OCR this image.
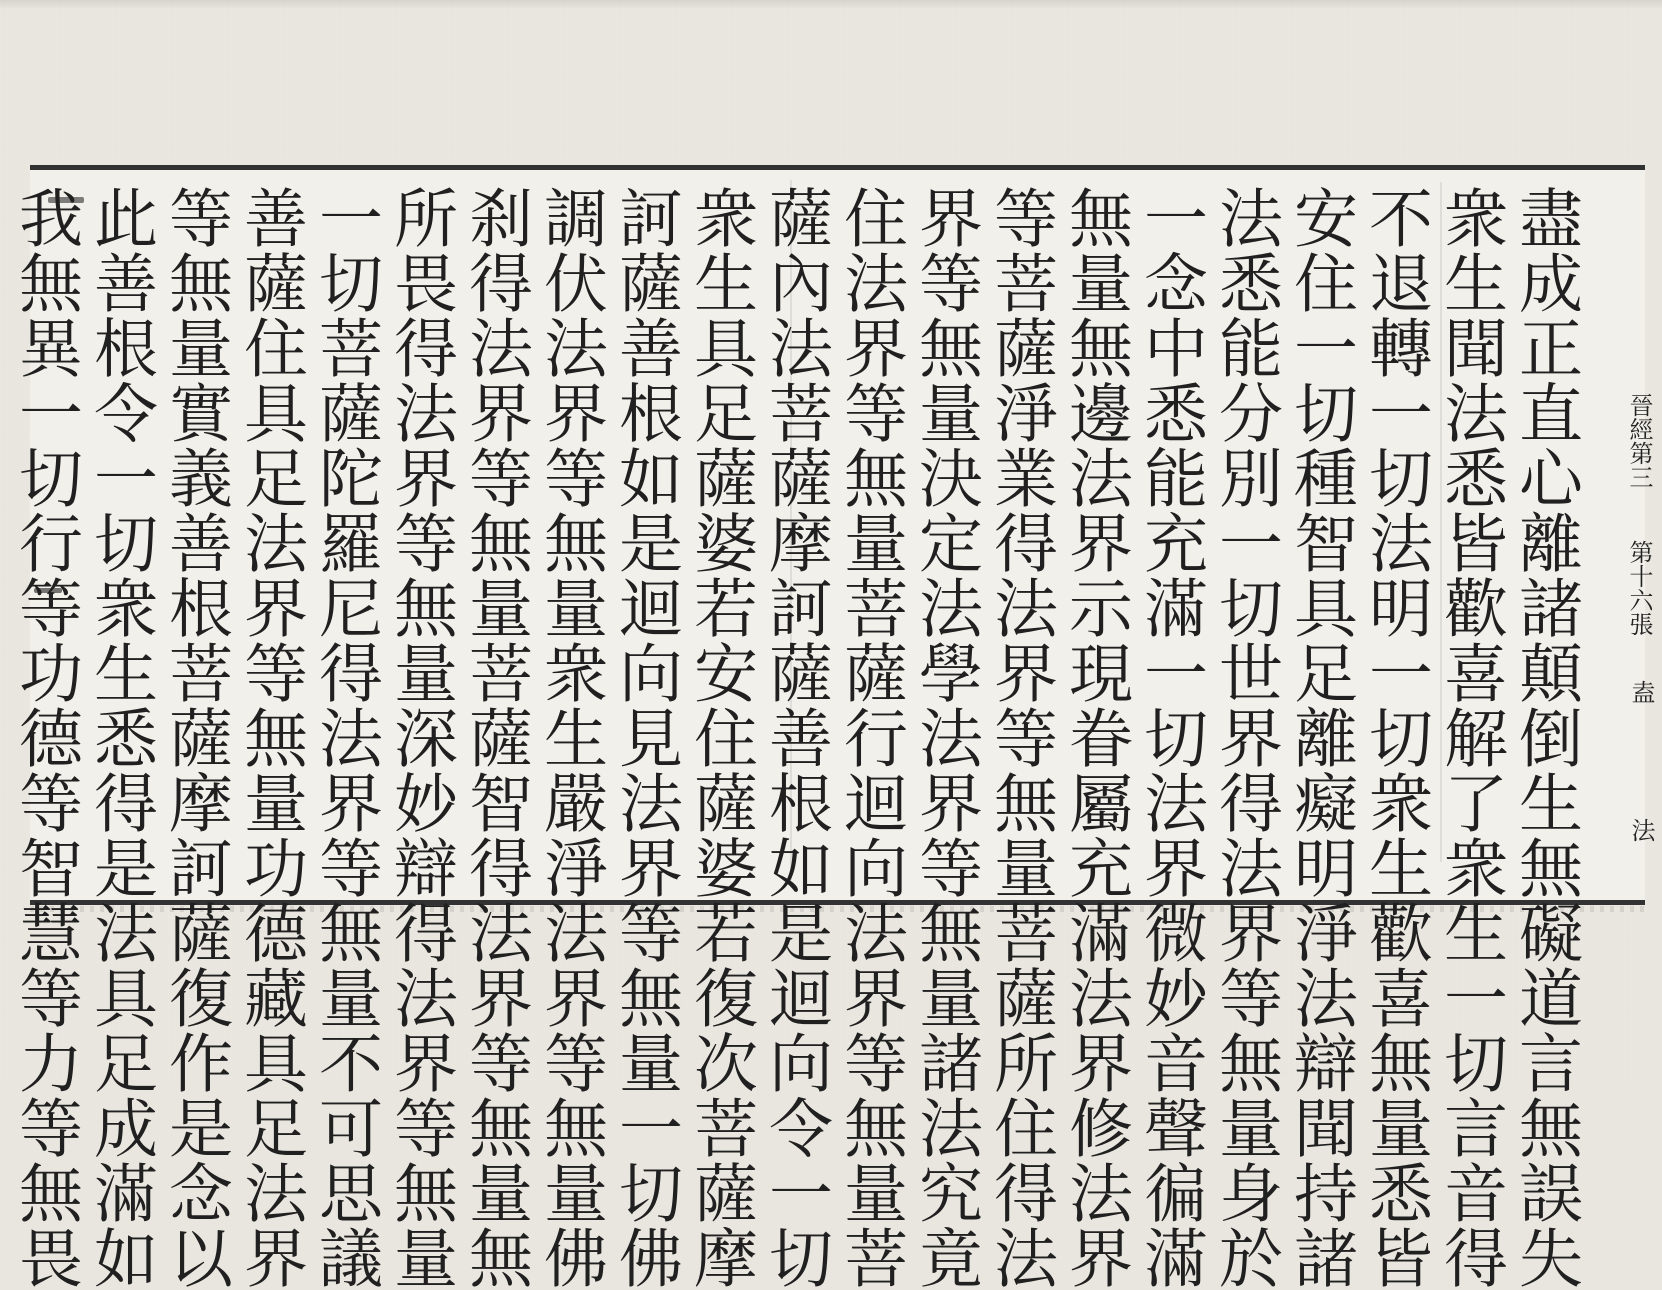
盡成正直心離諸顛倒生無礙道言無誤失
衆生聞法悉皆歡喜解了衆生一切言音得
不退轉一切法明一切衆生歡喜無量悉皆
安住一切種智具足離癡明淨法辯聞持諸
法悉能分別一切世界得法界等無量身於
一念中悉能充滿一切法界微妙音聲徧滿
無量無邊法界示現眷屬充滿法界修法界
等菩薩淨業得法界等無量菩薩所住得法
界等無量決定法學法界等無量諸法究竟
住法界等無量菩薩行迴向法界等無量菩
薩內法菩薩摩訶薩善根如是迴向令一切
衆生具足薩婆若安住薩婆若復次菩薩摩
訶薩善根如是迴向見法界等無量一切佛
調伏法界等無量衆生嚴淨法界等無量佛
刹得法界等無量菩薩智得法界等無量無
所畏得法界等無量深妙辯得法界等無量
一切菩薩陀羅尼得法界等無量不可思議
善薩住具足法界等無量功德藏具足法界
等無量實義善根菩薩摩訶薩復作是念以
此善根令一切衆生悉得是法具足成滿如
我無異一切行等功德等智慧等力等無畏	晉經第三
第十六張
盍
法
